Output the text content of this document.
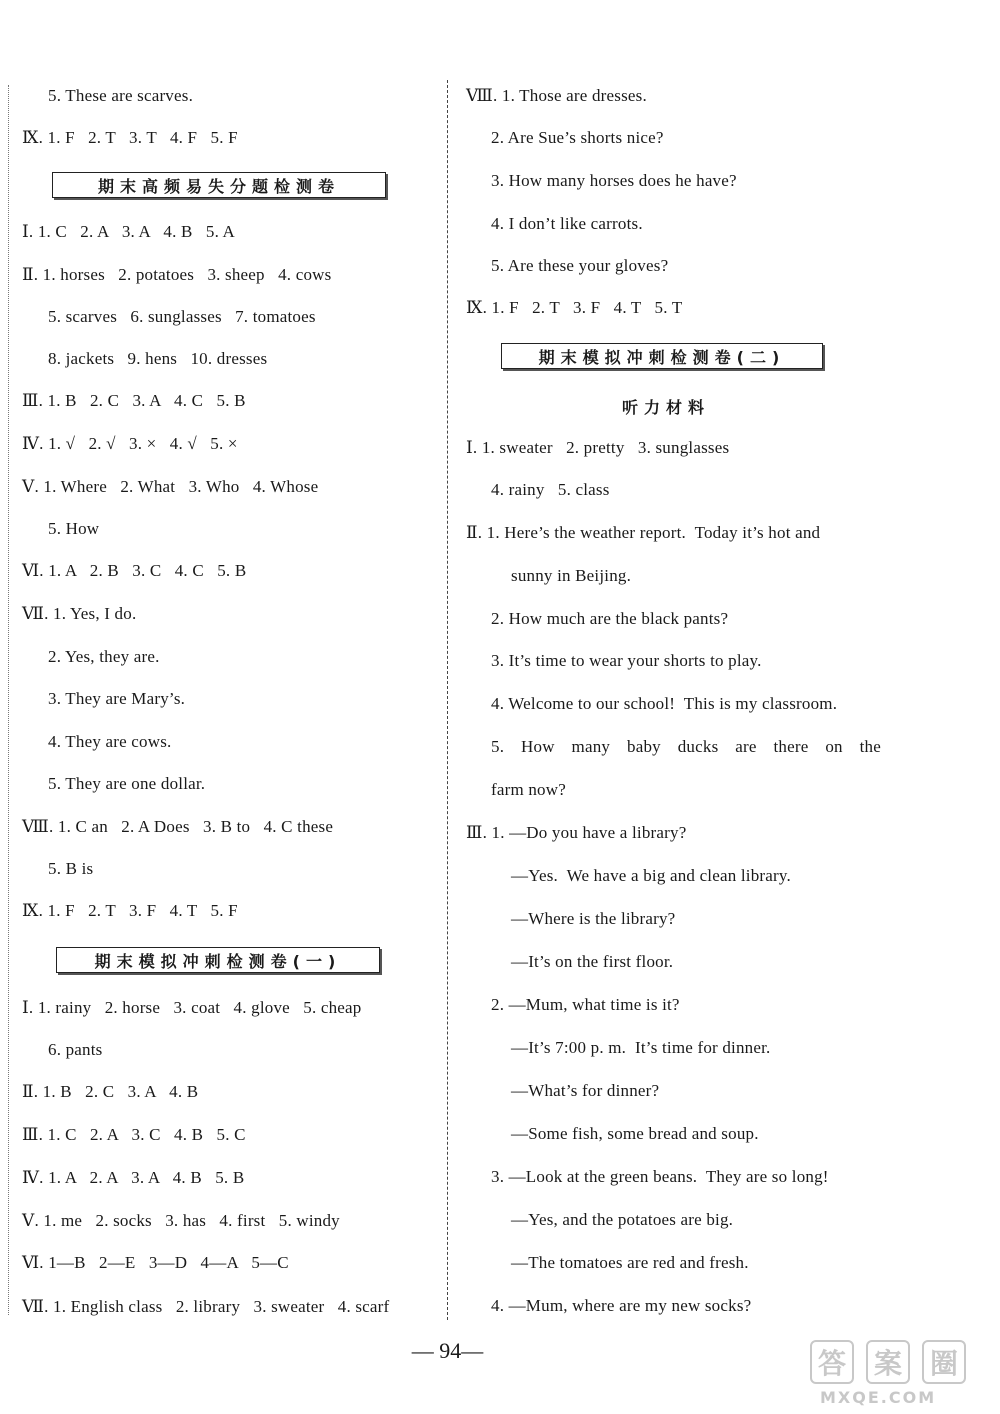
5. These are scarves.
Ⅸ. 1. F   2. T   3. T   4. F   5. F
期末高频易失分题检测卷
Ⅰ. 1. C   2. A   3. A   4. B   5. A
Ⅱ. 1. horses   2. potatoes   3. sheep   4. cows
5. scarves   6. sunglasses   7. tomatoes
8. jackets   9. hens   10. dresses
Ⅲ. 1. B   2. C   3. A   4. C   5. B
Ⅳ. 1. √   2. √   3. ×   4. √   5. ×
Ⅴ. 1. Where   2. What   3. Who   4. Whose
5. How
Ⅵ. 1. A   2. B   3. C   4. C   5. B
Ⅶ. 1. Yes, I do.
2. Yes, they are.
3. They are Mary’s.
4. They are cows.
5. They are one dollar.
Ⅷ. 1. C an   2. A Does   3. B to   4. C these
5. B is
Ⅸ. 1. F   2. T   3. F   4. T   5. F
期末模拟冲刺检测卷(一)
Ⅰ. 1. rainy   2. horse   3. coat   4. glove   5. cheap
6. pants
Ⅱ. 1. B   2. C   3. A   4. B
Ⅲ. 1. C   2. A   3. C   4. B   5. C
Ⅳ. 1. A   2. A   3. A   4. B   5. B
Ⅴ. 1. me   2. socks   3. has   4. first   5. windy
Ⅵ. 1—B   2—E   3—D   4—A   5—C
Ⅶ. 1. English class   2. library   3. sweater   4. scarf
Ⅷ. 1. Those are dresses.
2. Are Sue’s shorts nice?
3. How many horses does he have?
4. I don’t like carrots.
5. Are these your gloves?
Ⅸ. 1. F   2. T   3. F   4. T   5. T
期末模拟冲刺检测卷(二)
听力材料
Ⅰ. 1. sweater   2. pretty   3. sunglasses
4. rainy   5. class
Ⅱ. 1. Here’s the weather report.  Today it’s hot and
sunny in Beijing.
2. How much are the black pants?
3. It’s time to wear your shorts to play.
4. Welcome to our school!  This is my classroom.
5. How many baby ducks are there on the
farm now?
Ⅲ. 1. —Do you have a library?
—Yes.  We have a big and clean library.
—Where is the library?
—It’s on the first floor.
2. —Mum, what time is it?
—It’s 7:00 p. m.  It’s time for dinner.
—What’s for dinner?
—Some fish, some bread and soup.
3. —Look at the green beans.  They are so long!
—Yes, and the potatoes are big.
—The tomatoes are red and fresh.
4. —Mum, where are my new socks?
— 94—	答 案 圈
MXQE.COM
